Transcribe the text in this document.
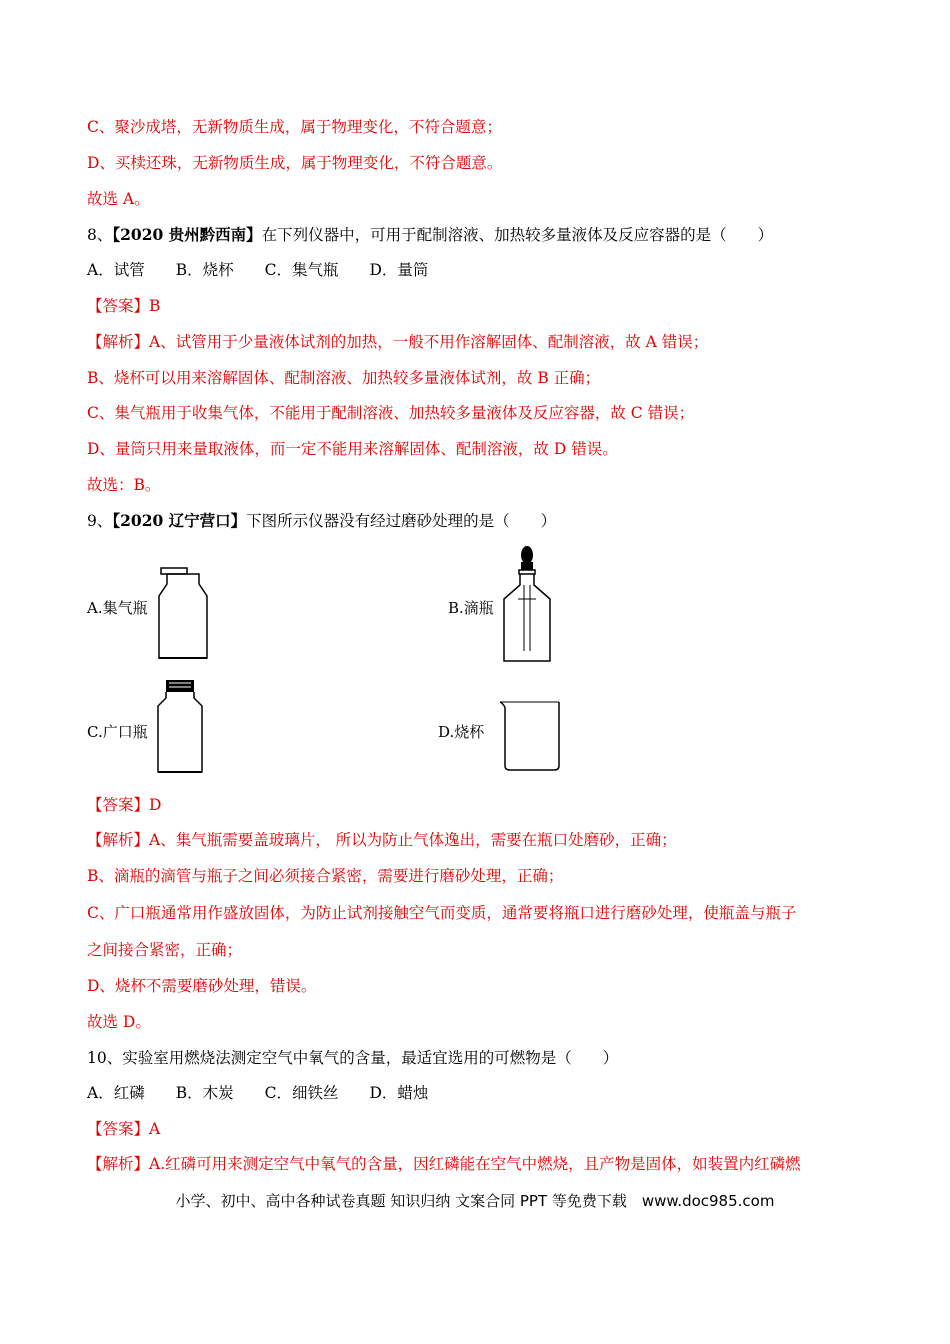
C、聚沙成塔，无新物质生成，属于物理变化，不符合题意；
D、买椟还珠，无新物质生成，属于物理变化，不符合题意。
故选 A。
8、【2020 贵州黔西南】在下列仪器中，可用于配制溶液、加热较多量液体及反应容器的是（　　）
A．试管　　B．烧杯　　C．集气瓶　　D．量筒
【答案】B
【解析】A、试管用于少量液体试剂的加热，一般不用作溶解固体、配制溶液，故 A 错误；
B、烧杯可以用来溶解固体、配制溶液、加热较多量液体试剂，故 B 正确；
C、集气瓶用于收集气体，不能用于配制溶液、加热较多量液体及反应容器，故 C 错误；
D、量筒只用来量取液体，而一定不能用来溶解固体、配制溶液，故 D 错误。
故选：B。
9、【2020 辽宁营口】下图所示仪器没有经过磨砂处理的是（　　）
A.集气瓶	B.滴瓶
C.广口瓶	D.烧杯
【答案】D
【解析】A、集气瓶需要盖玻璃片， 所以为防止气体逸出，需要在瓶口处磨砂，正确；
B、滴瓶的滴管与瓶子之间必须接合紧密，需要进行磨砂处理，正确；
C、广口瓶通常用作盛放固体，为防止试剂接触空气而变质，通常要将瓶口进行磨砂处理，使瓶盖与瓶子
之间接合紧密，正确；
D、烧杯不需要磨砂处理，错误。
故选 D。
10、实验室用燃烧法测定空气中氧气的含量，最适宜选用的可燃物是（　　）
A．红磷　　B．木炭　　C．细铁丝　　D．蜡烛
【答案】A
【解析】A.红磷可用来测定空气中氧气的含量，因红磷能在空气中燃烧，且产物是固体，如装置内红磷燃
小学、初中、高中各种试卷真题 知识归纳 文案合同 PPT 等免费下载　www.doc985.com
